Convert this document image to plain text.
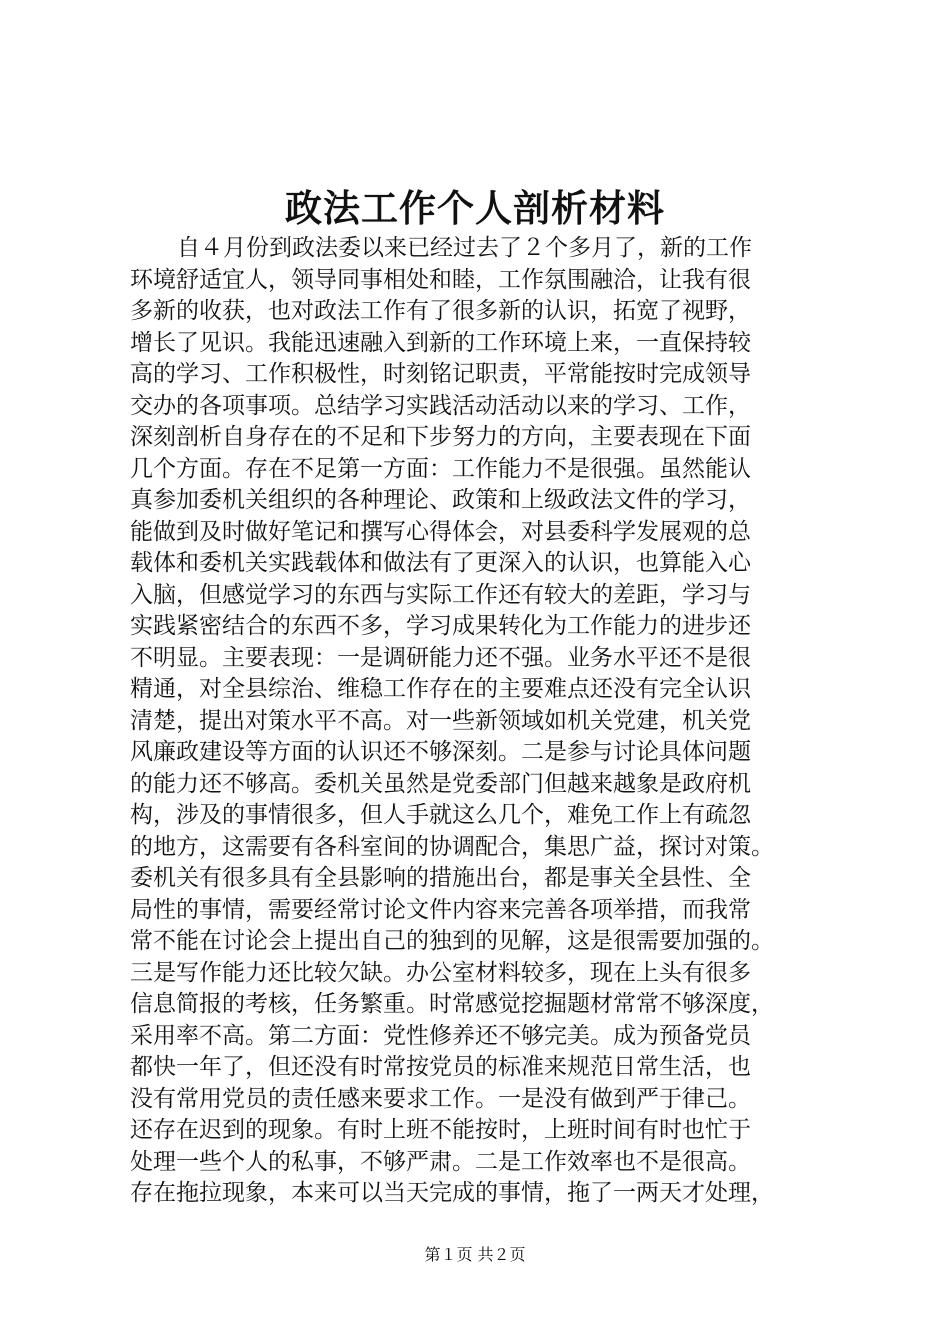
政法工作个人剖析材料
自４月份到政法委以来已经过去了２个多月了，新的工作
环境舒适宜人，领导同事相处和睦，工作氛围融洽，让我有很
多新的收获，也对政法工作有了很多新的认识，拓宽了视野，
增长了见识。我能迅速融入到新的工作环境上来，一直保持较
高的学习、工作积极性，时刻铭记职责，平常能按时完成领导
交办的各项事项。总结学习实践活动活动以来的学习、工作，
深刻剖析自身存在的不足和下步努力的方向，主要表现在下面
几个方面。存在不足第一方面：工作能力不是很强。虽然能认
真参加委机关组织的各种理论、政策和上级政法文件的学习，
能做到及时做好笔记和撰写心得体会，对县委科学发展观的总
载体和委机关实践载体和做法有了更深入的认识，也算能入心
入脑，但感觉学习的东西与实际工作还有较大的差距，学习与
实践紧密结合的东西不多，学习成果转化为工作能力的进步还
不明显。主要表现：一是调研能力还不强。业务水平还不是很
精通，对全县综治、维稳工作存在的主要难点还没有完全认识
清楚，提出对策水平不高。对一些新领域如机关党建，机关党
风廉政建设等方面的认识还不够深刻。二是参与讨论具体问题
的能力还不够高。委机关虽然是党委部门但越来越象是政府机
构，涉及的事情很多，但人手就这么几个，难免工作上有疏忽
的地方，这需要有各科室间的协调配合，集思广益，探讨对策。
委机关有很多具有全县影响的措施出台，都是事关全县性、全
局性的事情，需要经常讨论文件内容来完善各项举措，而我常
常不能在讨论会上提出自己的独到的见解，这是很需要加强的。
三是写作能力还比较欠缺。办公室材料较多，现在上头有很多
信息简报的考核，任务繁重。时常感觉挖掘题材常常不够深度，
采用率不高。第二方面：党性修养还不够完美。成为预备党员
都快一年了，但还没有时常按党员的标准来规范日常生活，也
没有常用党员的责任感来要求工作。一是没有做到严于律己。
还存在迟到的现象。有时上班不能按时，上班时间有时也忙于
处理一些个人的私事，不够严肃。二是工作效率也不是很高。
存在拖拉现象，本来可以当天完成的事情，拖了一两天才处理，
第１页 共２页
